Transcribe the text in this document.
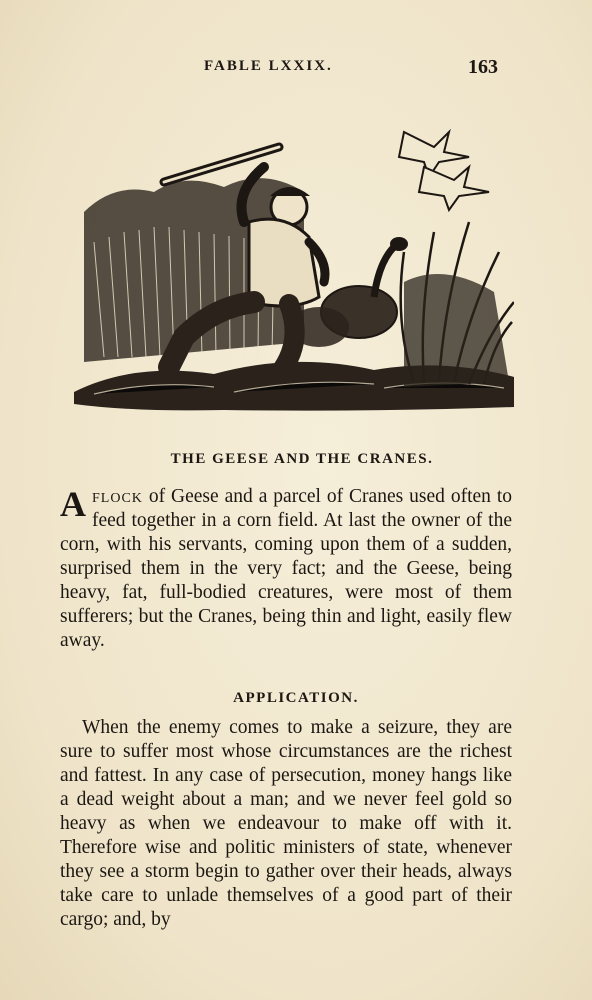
FABLE LXXIX.	163
THE GEESE AND THE CRANES.
Aflock of Geese and a parcel of Cranes used often to feed together in a corn field. At last the owner of the corn, with his servants, coming upon them of a sudden, surprised them in the very fact; and the Geese, being heavy, fat, full-bodied creatures, were most of them sufferers; but the Cranes, being thin and light, easily flew away.
APPLICATION.
When the enemy comes to make a seizure, they are sure to suffer most whose circumstances are the richest and fattest. In any case of persecution, money hangs like a dead weight about a man; and we never feel gold so heavy as when we endeavour to make off with it. Therefore wise and politic ministers of state, whenever they see a storm begin to gather over their heads, always take care to unlade themselves of a good part of their cargo; and, by
